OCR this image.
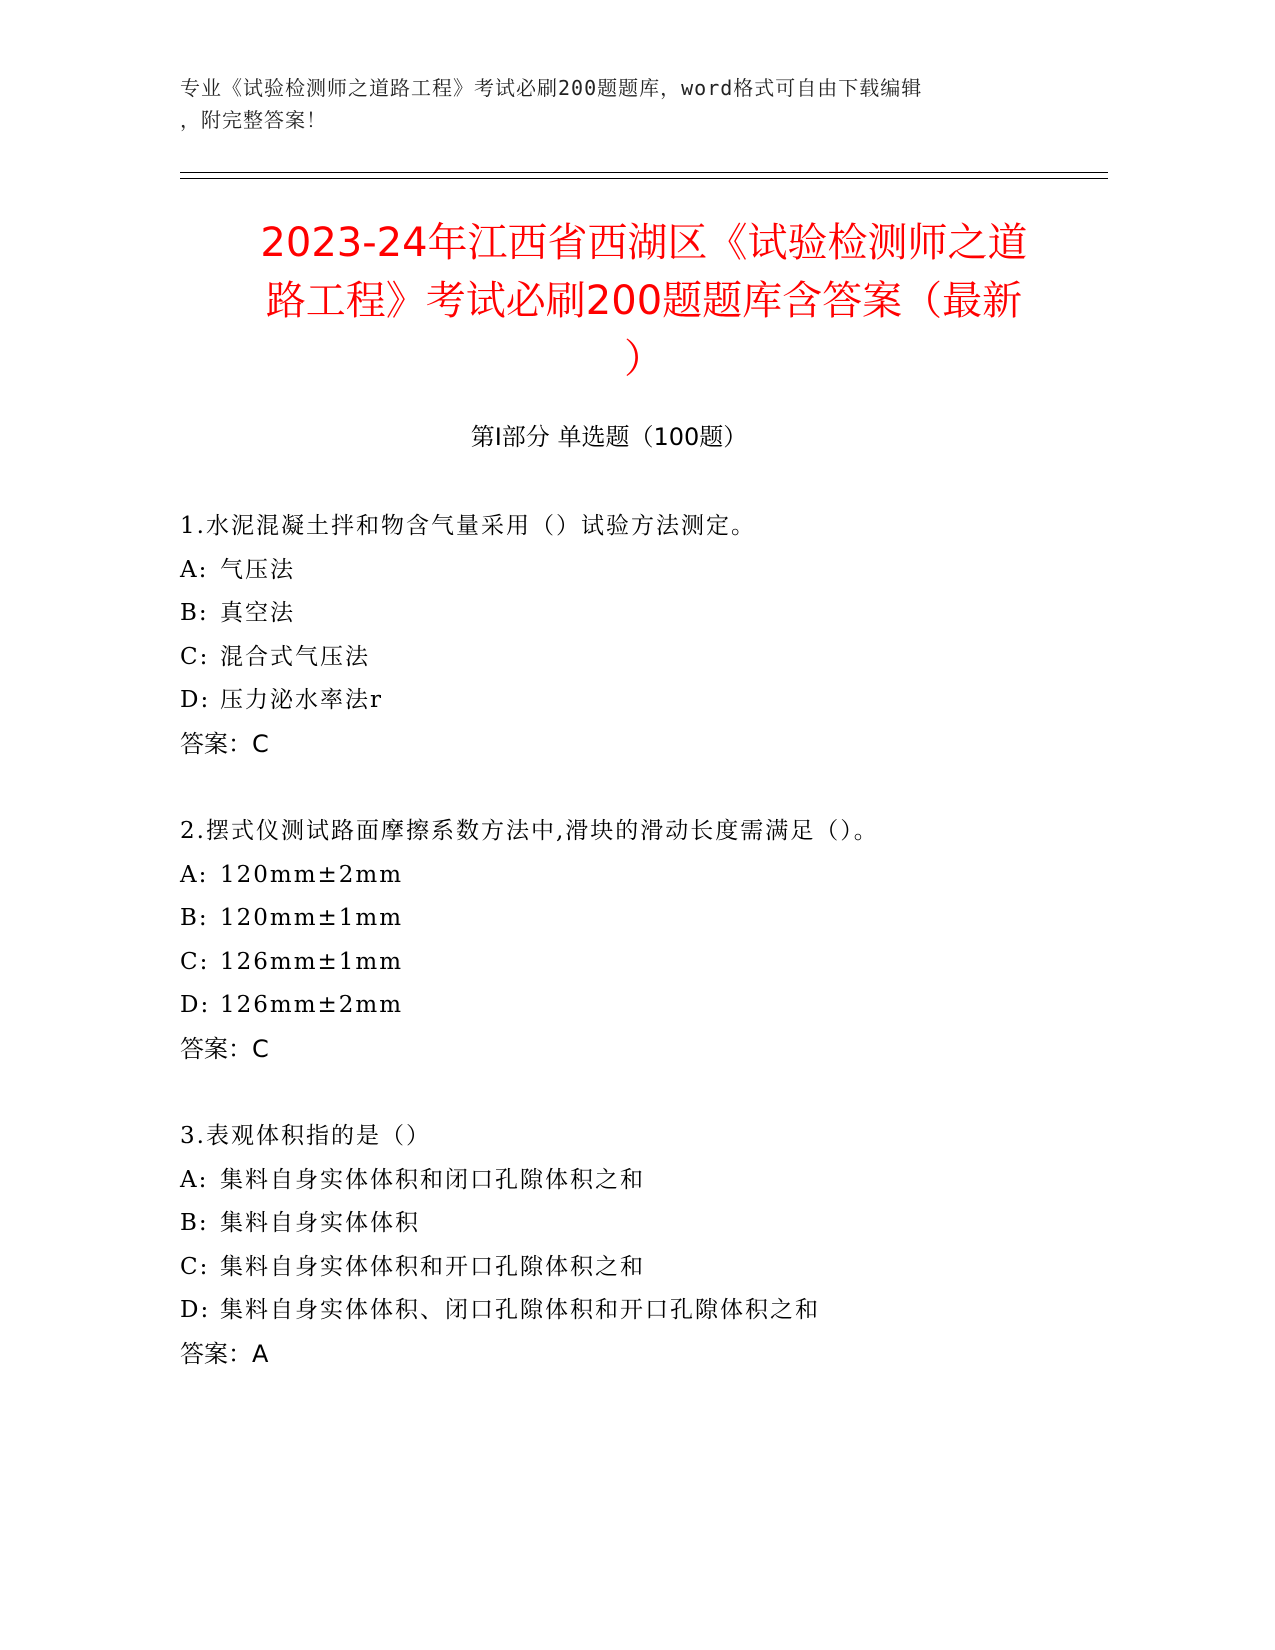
专业《试验检测师之道路工程》考试必刷200题题库，word格式可自由下载编辑
，附完整答案！
2023-24年江西省西湖区《试验检测师之道
路工程》考试必刷200题题库含答案（最新
）
第Ⅰ部分 单选题（100题）
1.水泥混凝土拌和物含气量采用（）试验方法测定。
A: 气压法
B: 真空法
C: 混合式气压法
D: 压力泌水率法r
答案：C
2.摆式仪测试路面摩擦系数方法中,滑块的滑动长度需满足（）。
A: 120mm±2mm
B: 120mm±1mm
C: 126mm±1mm
D: 126mm±2mm
答案：C
3.表观体积指的是（）
A: 集料自身实体体积和闭口孔隙体积之和
B: 集料自身实体体积
C: 集料自身实体体积和开口孔隙体积之和
D: 集料自身实体体积、闭口孔隙体积和开口孔隙体积之和
答案：A
